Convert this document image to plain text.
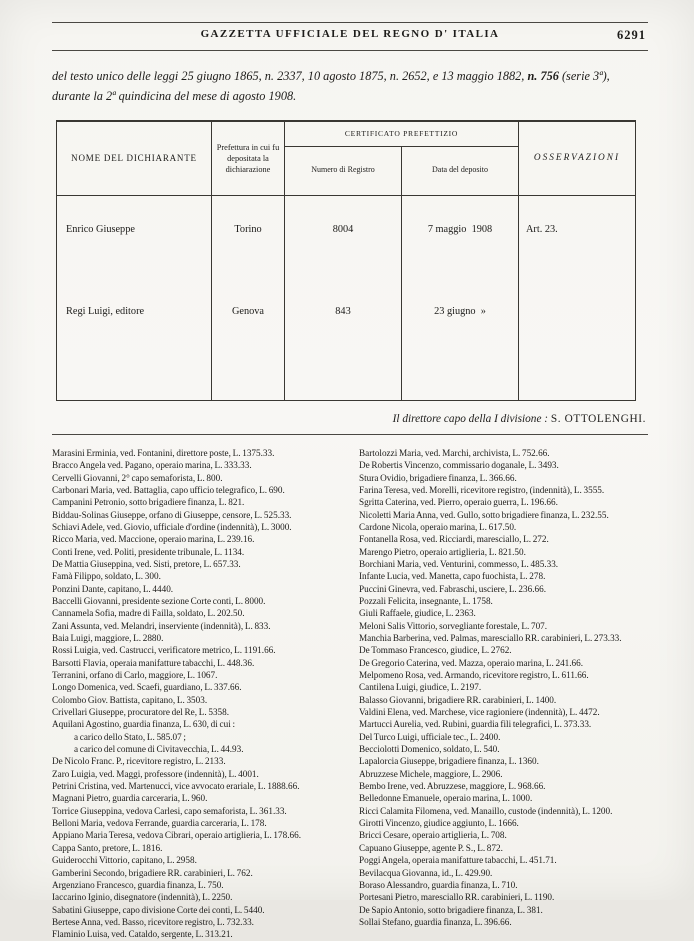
GAZZETTA UFFICIALE DEL REGNO D' ITALIA	6291

del testo unico delle leggi 25 giugno 1865, n. 2337, 10 agosto 1875, n. 2652, e 13 maggio 1882, n. 756 (serie 3ª), durante la 2ª quindicina del mese di agosto 1908.

NOME DEL DICHIARANTE	Prefettura in cui fu depositata la dichiarazione	CERTIFICATO PREFETTIZIO		OSSERVAZIONI
		Numero di Registro	Data del deposito	
Enrico Giuseppe	Torino	8004	7 maggio  1908	Art. 23.
Regi Luigi, editore	Genova	843	23 giugno  »	

Il direttore capo della I divisione : S. OTTOLENGHI.

Marasini Erminia, ved. Fontanini, direttore poste, L. 1375.33.
Bracco Angela ved. Pagano, operaio marina, L. 333.33.
Cervelli Giovanni, 2° capo semaforista, L. 800.
Carbonari Maria, ved. Battaglia, capo ufficio telegrafico, L. 690.
Campanini Petronio, sotto brigadiere finanza, L. 821.
Biddau-Solinas Giuseppe, orfano di Giuseppe, censore, L. 525.33.
Schiavi Adele, ved. Giovio, ufficiale d'ordine (indennità), L. 3000.
Ricco Maria, ved. Maccione, operaio marina, L. 239.16.
Conti Irene, ved. Politi, presidente tribunale, L. 1134.
De Mattia Giuseppina, ved. Sisti, pretore, L. 657.33.
Famà Filippo, soldato, L. 300.
Ponzini Dante, capitano, L. 4440.
Baccelli Giovanni, presidente sezione Corte conti, L. 8000.
Cannamela Sofia, madre di Failla, soldato, L. 202.50.
Zani Assunta, ved. Melandri, inserviente (indennità), L. 833.
Baia Luigi, maggiore, L. 2880.
Rossi Luigia, ved. Castrucci, verificatore metrico, L. 1191.66.
Barsotti Flavia, operaia manifatture tabacchi, L. 448.36.
Terranini, orfano di Carlo, maggiore, L. 1067.
Longo Domenica, ved. Scaefi, guardiano, L. 337.66.
Colombo Giov. Battista, capitano, L. 3503.
Crivellari Giuseppe, procuratore del Re, L. 5358.
Aquilani Agostino, guardia finanza, L. 630, di cui :
a carico dello Stato, L. 585.07 ;
a carico del comune di Civitavecchia, L. 44.93.
De Nicolo Franc. P., ricevitore registro, L. 2133.
Zaro Luigia, ved. Maggi, professore (indennità), L. 4001.
Petrini Cristina, ved. Martenucci, vice avvocato erariale, L. 1888.66.
Magnani Pietro, guardia carceraria, L. 960.
Torrice Giuseppina, vedova Carlesi, capo semaforista, L. 361.33.
Belloni Maria, vedova Ferrande, guardia carceraria, L. 178.
Appiano Maria Teresa, vedova Cibrari, operaio artiglieria, L. 178.66.
Cappa Santo, pretore, L. 1816.
Guiderocchi Vittorio, capitano, L. 2958.
Gamberini Secondo, brigadiere RR. carabinieri, L. 762.
Argenziano Francesco, guardia finanza, L. 750.
Iaccarino Iginio, disegnatore (indennità), L. 2250.
Sabatini Giuseppe, capo divisione Corte dei conti, L. 5440.
Bertese Anna, ved. Basso, ricevitore registro, L. 732.33.
Flaminio Luisa, ved. Cataldo, sergente, L. 313.21.
Bartolozzi Maria, ved. Marchi, archivista, L. 752.66.
De Robertis Vincenzo, commissario doganale, L. 3493.
Stura Ovidio, brigadiere finanza, L. 366.66.
Farina Teresa, ved. Morelli, ricevitore registro, (indennità), L. 3555.
Sgritta Caterina, ved. Pierro, operaio guerra, L. 196.66.
Nicoletti Maria Anna, ved. Gullo, sotto brigadiere finanza, L. 232.55.
Cardone Nicola, operaio marina, L. 617.50.
Fontanella Rosa, ved. Ricciardi, maresciallo, L. 272.
Marengo Pietro, operaio artiglieria, L. 821.50.
Borchiani Maria, ved. Venturini, commesso, L. 485.33.
Infante Lucia, ved. Manetta, capo fuochista, L. 278.
Puccini Ginevra, ved. Fabraschi, usciere, L. 236.66.
Pozzali Felicita, insegnante, L. 1758.
Giuli Raffaele, giudice, L. 2363.
Meloni Salis Vittorio, sorvegliante forestale, L. 707.
Manchia Barberina, ved. Palmas, maresciallo RR. carabinieri, L. 273.33.
De Tommaso Francesco, giudice, L. 2762.
De Gregorio Caterina, ved. Mazza, operaio marina, L. 241.66.
Melpomeno Rosa, ved. Armando, ricevitore registro, L. 611.66.
Cantilena Luigi, giudice, L. 2197.
Balasso Giovanni, brigadiere RR. carabinieri, L. 1400.
Valdini Elena, ved. Marchese, vice ragioniere (indennità), L. 4472.
Martucci Aurelia, ved. Rubini, guardia fili telegrafici, L. 373.33.
Del Turco Luigi, ufficiale tec., L. 2400.
Becciolotti Domenico, soldato, L. 540.
Lapalorcia Giuseppe, brigadiere finanza, L. 1360.
Abruzzese Michele, maggiore, L. 2906.
Bembo Irene, ved. Abruzzese, maggiore, L. 968.66.
Belledonne Emanuele, operaio marina, L. 1000.
Ricci Calamita Filomena, ved. Manaillo, custode (indennità), L. 1200.
Girotti Vincenzo, giudice aggiunto, L. 1666.
Bricci Cesare, operaio artiglieria, L. 708.
Capuano Giuseppe, agente P. S., L. 872.
Poggi Angela, operaia manifatture tabacchi, L. 451.71.
Bevilacqua Giovanna, id., L. 429.90.
Boraso Alessandro, guardia finanza, L. 710.
Portesani Pietro, maresciallo RR. carabinieri, L. 1190.
De Sapio Antonio, sotto brigadiere finanza, L. 381.
Sollai Stefano, guardia finanza, L. 396.66.
